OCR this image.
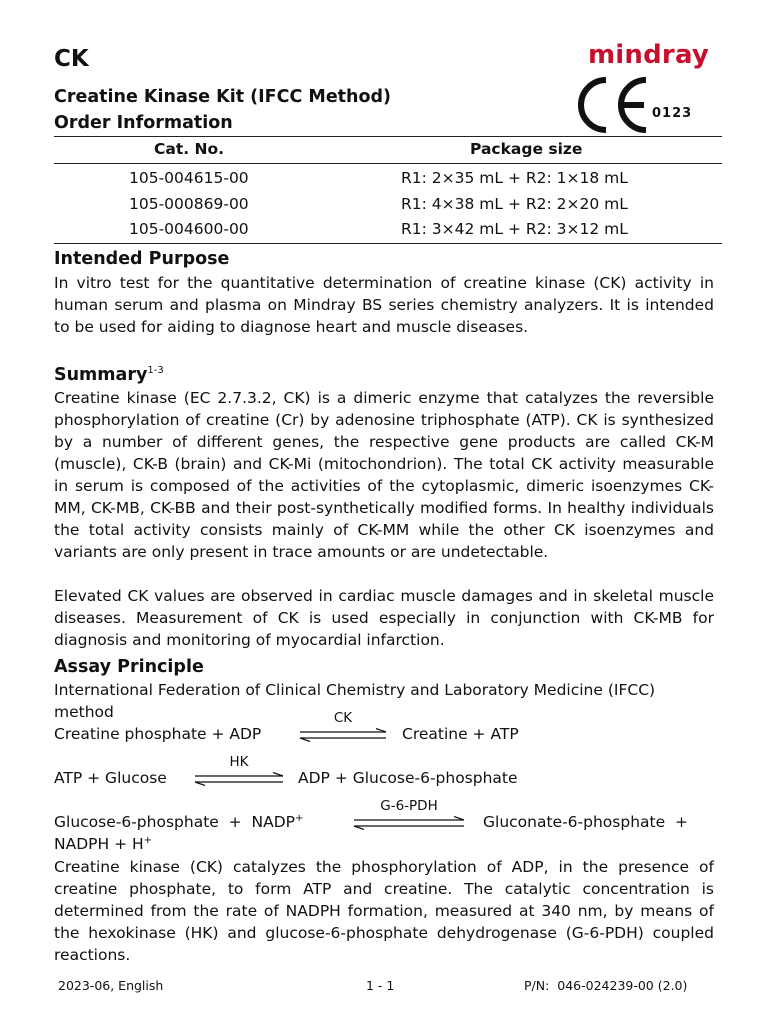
CK
Creatine Kinase Kit (IFCC Method)
Order Information
mindray
0123
Cat. No.	Package size
105-004615-00	R1: 2×35 mL + R2: 1×18 mL
105-000869-00	R1: 4×38 mL + R2: 2×20 mL
105-004600-00	R1: 3×42 mL + R2: 3×12 mL
Intended Purpose

In vitro test for the quantitative determination of creatine kinase (CK) activity in human serum and plasma on Mindray BS series chemistry analyzers. It is intended to be used for aiding to diagnose heart and muscle diseases.

Summary$^{1-3}$

Creatine kinase (EC 2.7.3.2, CK) is a dimeric enzyme that catalyzes the reversible phosphorylation of creatine (Cr) by adenosine triphosphate (ATP). CK is synthesized by a number of different genes, the respective gene products are called CK-M (muscle), CK-B (brain) and CK-Mi (mitochondrion). The total CK activity measurable in serum is composed of the activities of the cytoplasmic, dimeric isoenzymes CK-MM, CK-MB, CK-BB and their post-synthetically modified forms. In healthy individuals the total activity consists mainly of CK-MM while the other CK isoenzymes and variants are only present in trace amounts or are undetectable.

Elevated CK values are observed in cardiac muscle damages and in skeletal muscle diseases. Measurement of CK is used especially in conjunction with CK-MB for diagnosis and monitoring of myocardial infarction.

Assay Principle
International Federation of Clinical Chemistry and Laboratory Medicine (IFCC)
method
Creatine phosphate + ADP
CK
Creatine + ATP
ATP + Glucose
HK
ADP + Glucose-6-phosphate
Glucose-6-phosphate  +  NADP+
G-6-PDH
Gluconate-6-phosphate  +
NADPH + H+

Creatine kinase (CK) catalyzes the phosphorylation of ADP, in the presence of creatine phosphate, to form ATP and creatine. The catalytic concentration is determined from the rate of NADPH formation, measured at 340 nm, by means of the hexokinase (HK) and glucose-6-phosphate dehydrogenase (G-6-PDH) coupled reactions.

2023-06, English	1 - 1	P/N:  046-024239-00 (2.0)
